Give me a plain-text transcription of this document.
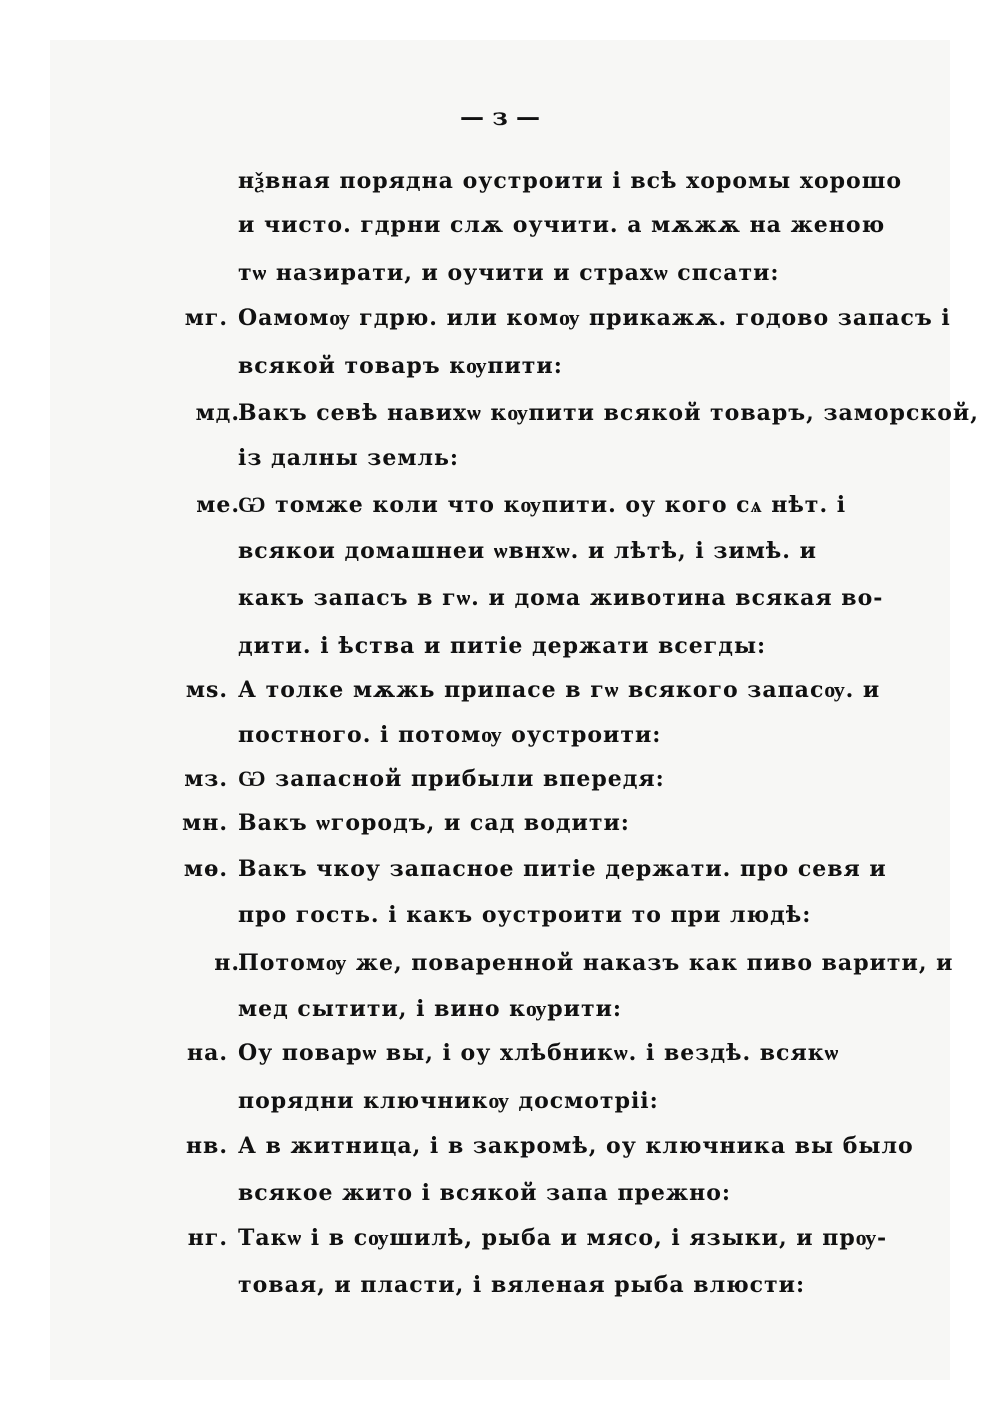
— з —
нѯвная порядна оустроити і всѣ хоромы хорошо
и чисто. гдрни слѫ оучити. а мѫжѫ на женою
тѡ назирати, и оучити и страхѡ спсати:
мг. Оамомѹ гдрю. или комѹ прикажѫ. годово запасъ і
всякой товаръ кѹпити:
мд.
Вакъ севѣ навихѡ кѹпити всякой товаръ, заморской,
із далны земль:
ме.
Ѡ томже коли что кѹпити. оу кого сѧ нѣт. і
всякои домашнеи ѡвнхѡ. и лѣтѣ, і зимѣ. и
какъ запасъ в гѡ. и дома животина всякая во-
дити. і ѣства и питіе держати всегды:
мѕ. А толке мѫжь припасе в гѡ всякого запасѹ. и
постного. і потомѹ оустроити:
мз. Ѡ запасной прибыли впередя:
мн. Вакъ ѡгородъ, и сад водити:
мѳ. Вакъ чкоу запасное питіе держати. про севя и
про гость. і какъ оустроити то при людѣ:
н.
Потомѹ же, поваренной наказъ как пиво варити, и
мед сытити, і вино кѹрити:
на. Оу поварѡ вы, і оу хлѣбникѡ. і вездѣ. всякѡ
порядни ключникѹ досмотріі:
нв. А в житница, і в закромѣ, оу ключника вы было
всякое жито і всякой запа прежно:
нг. Такѡ і в сѹшилѣ, рыба и мясо, і языки, и прѹ-
товая, и пласти, і вяленая рыба влюсти:
